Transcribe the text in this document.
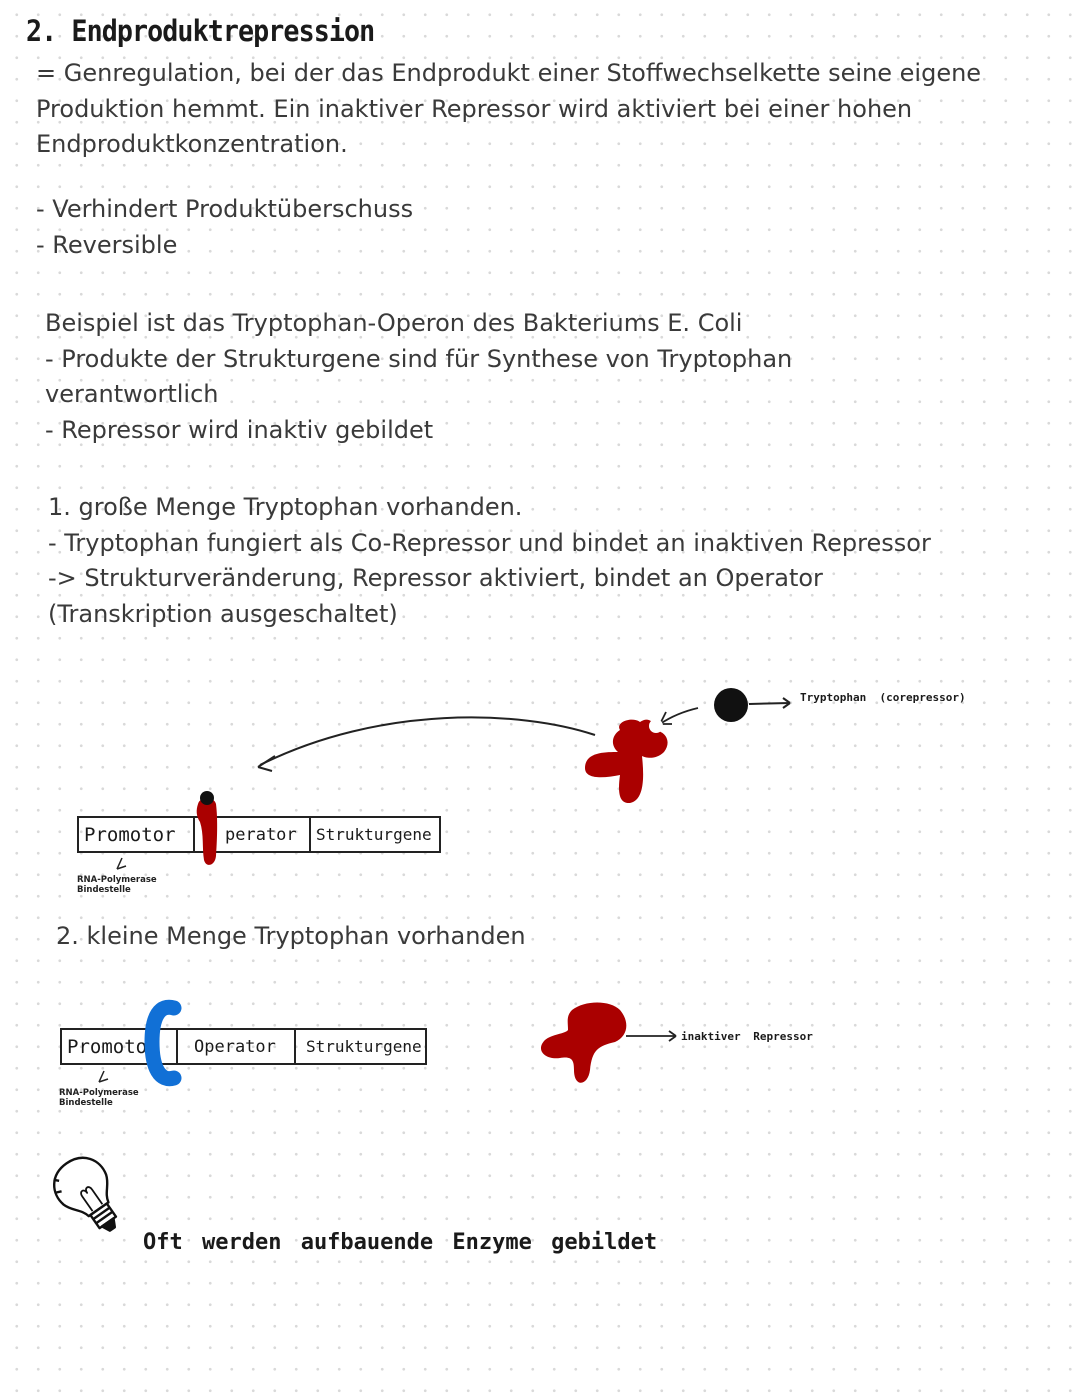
2. Endproduktrepression
= Genregulation, bei der das Endprodukt einer Stoffwechselkette seine eigene
Produktion hemmt. Ein inaktiver Repressor wird aktiviert bei einer hohen
Endproduktkonzentration.
- Verhindert Produktüberschuss
- Reversible
Beispiel ist das Tryptophan-Operon des Bakteriums E. Coli
- Produkte der Strukturgene sind für Synthese von Tryptophan
verantwortlich
- Repressor wird inaktiv gebildet
1. große Menge Tryptophan vorhanden.
- Tryptophan fungiert als Co-Repressor und bindet an inaktiven Repressor
-> Strukturveränderung, Repressor aktiviert, bindet an Operator
(Transkription ausgeschaltet)
Tryptophan (corepressor)
Promotor	perator	Strukturgene
RNA-Polymerase
Bindestelle
2. kleine Menge Tryptophan vorhanden
Promoto	Operator	Strukturgene
RNA-Polymerase
Bindestelle
inaktiver Repressor
Oft werden aufbauende Enzyme gebildet
